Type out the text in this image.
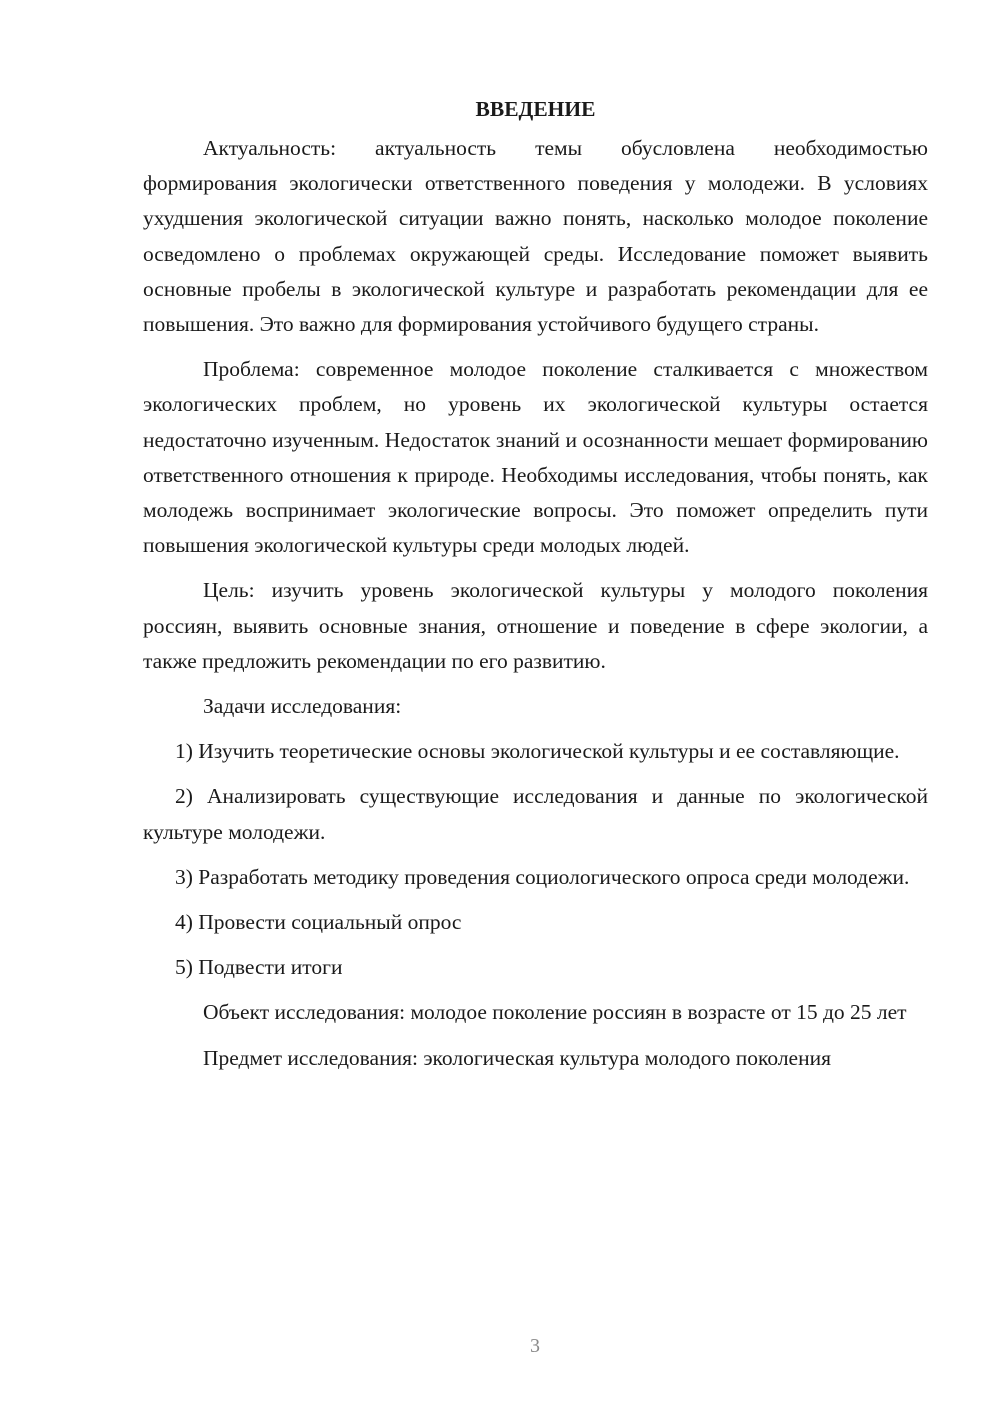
ВВЕДЕНИЕ

Актуальность: актуальность темы обусловлена необходимостью формирования экологически ответственного поведения у молодежи. В условиях ухудшения экологической ситуации важно понять, насколько молодое поколение осведомлено о проблемах окружающей среды. Исследование поможет выявить основные пробелы в экологической культуре и разработать рекомендации для ее повышения. Это важно для формирования устойчивого будущего страны.

Проблема: современное молодое поколение сталкивается с множеством экологических проблем, но уровень их экологической культуры остается недостаточно изученным. Недостаток знаний и осознанности мешает формированию ответственного отношения к природе. Необходимы исследования, чтобы понять, как молодежь воспринимает экологические вопросы. Это поможет определить пути повышения экологической культуры среди молодых людей.

Цель: изучить уровень экологической культуры у молодого поколения россиян, выявить основные знания, отношение и поведение в сфере экологии, а также предложить рекомендации по его развитию.

Задачи исследования:

1) Изучить теоретические основы экологической культуры и ее составляющие.

2) Анализировать существующие исследования и данные по экологической культуре молодежи.

3) Разработать методику проведения социологического опроса среди молодежи.

4) Провести социальный опрос

5) Подвести итоги

Объект исследования: молодое поколение россиян в возрасте от 15 до 25 лет

Предмет исследования: экологическая культура молодого поколения

3
